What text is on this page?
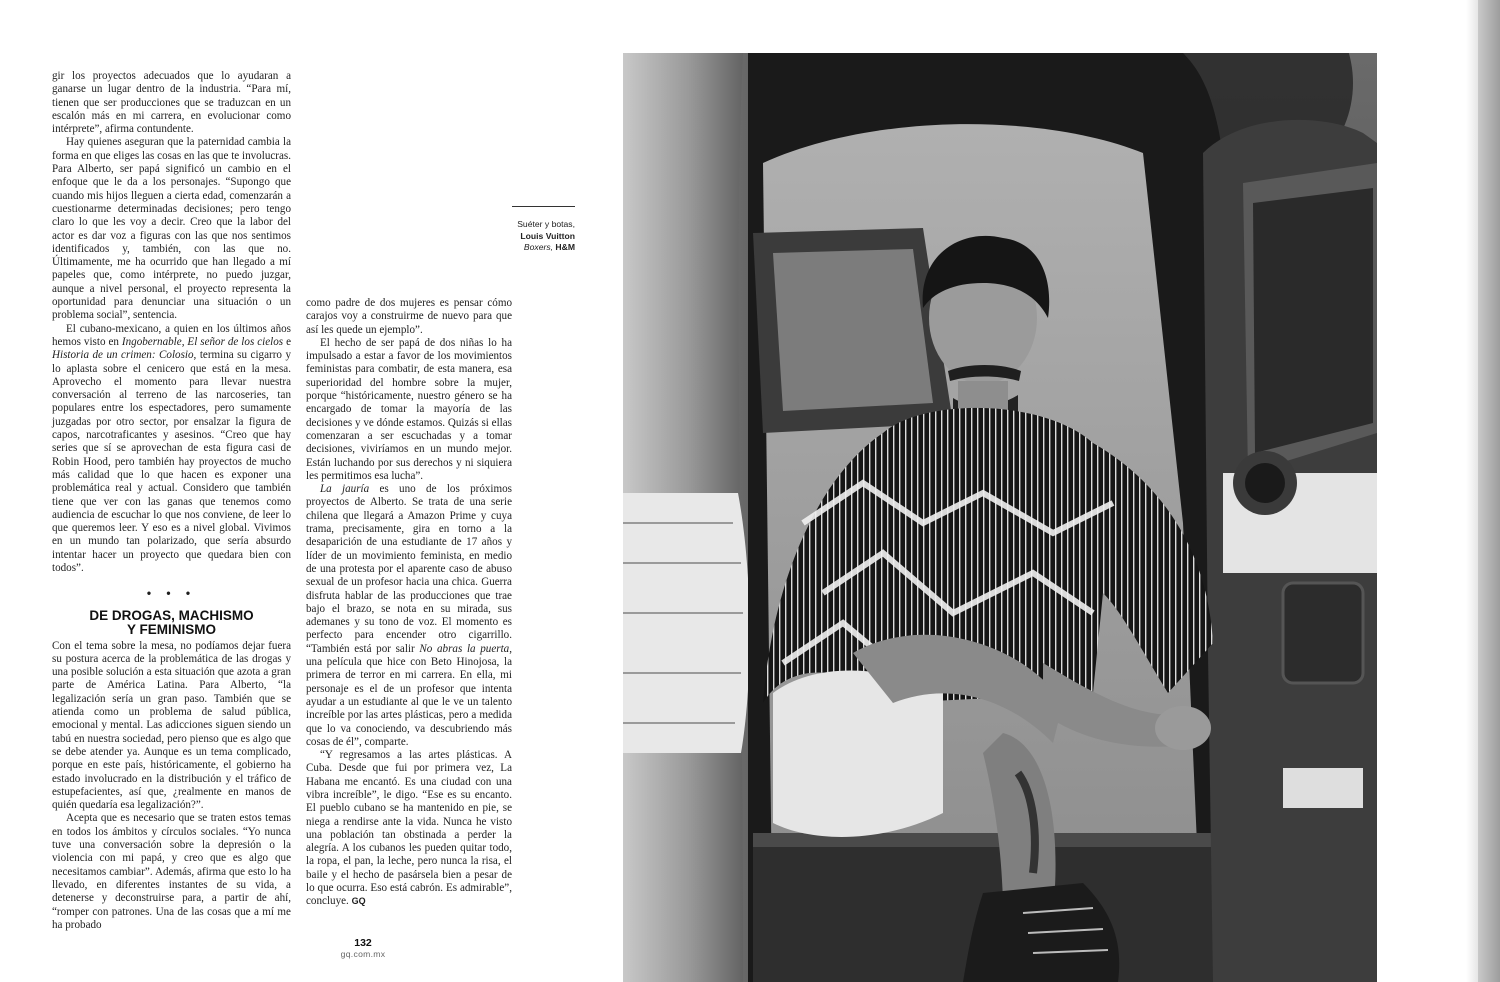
gir los proyectos adecuados que lo ayudaran a ganarse un lugar dentro de la industria. “Para mí, tienen que ser producciones que se traduzcan en un escalón más en mi carrera, en evolucionar como intérprete”, afirma contundente.

Hay quienes aseguran que la paternidad cambia la forma en que eliges las cosas en las que te involucras. Para Alberto, ser papá significó un cambio en el enfoque que le da a los personajes. “Supongo que cuando mis hijos lleguen a cierta edad, comenzarán a cuestionarme determinadas decisiones; pero tengo claro lo que les voy a decir. Creo que la labor del actor es dar voz a figuras con las que nos sentimos identificados y, también, con las que no. Últimamente, me ha ocurrido que han llegado a mí papeles que, como intérprete, no puedo juzgar, aunque a nivel personal, el proyecto representa la oportunidad para denunciar una situación o un problema social”, sentencia.

El cubano-mexicano, a quien en los últimos años hemos visto en Ingobernable, El señor de los cielos e Historia de un crimen: Colosio, termina su cigarro y lo aplasta sobre el cenicero que está en la mesa. Aprovecho el momento para llevar nuestra conversación al terreno de las narcoseries, tan populares entre los espectadores, pero sumamente juzgadas por otro sector, por ensalzar la figura de capos, narcotraficantes y asesinos. “Creo que hay series que sí se aprovechan de esta figura casi de Robin Hood, pero también hay proyectos de mucho más calidad que lo que hacen es exponer una problemática real y actual. Considero que también tiene que ver con las ganas que tenemos como audiencia de escuchar lo que nos conviene, de leer lo que queremos leer. Y eso es a nivel global. Vivimos en un mundo tan polarizado, que sería absurdo intentar hacer un proyecto que quedara bien con todos”.

• • •
DE DROGAS, MACHISMO
Y FEMINISMO

Con el tema sobre la mesa, no podíamos dejar fuera su postura acerca de la problemática de las drogas y una posible solución a esta situación que azota a gran parte de América Latina. Para Alberto, “la legalización sería un gran paso. También que se atienda como un problema de salud pública, emocional y mental. Las adicciones siguen siendo un tabú en nuestra sociedad, pero pienso que es algo que se debe atender ya. Aunque es un tema complicado, porque en este país, históricamente, el gobierno ha estado involucrado en la distribución y el tráfico de estupefacientes, así que, ¿realmente en manos de quién quedaría esa legalización?”.

Acepta que es necesario que se traten estos temas en todos los ámbitos y círculos sociales. “Yo nunca tuve una conversación sobre la depresión o la violencia con mi papá, y creo que es algo que necesitamos cambiar”. Además, afirma que esto lo ha llevado, en diferentes instantes de su vida, a detenerse y deconstruirse para, a partir de ahí, “romper con patrones. Una de las cosas que a mí me ha probado

Suéter y botas,
Louis Vuitton
Boxers, H&M

como padre de dos mujeres es pensar cómo carajos voy a construirme de nuevo para que así les quede un ejemplo”.

El hecho de ser papá de dos niñas lo ha impulsado a estar a favor de los movimientos feministas para combatir, de esta manera, esa superioridad del hombre sobre la mujer, porque “históricamente, nuestro género se ha encargado de tomar la mayoría de las decisiones y ve dónde estamos. Quizás si ellas comenzaran a ser escuchadas y a tomar decisiones, viviríamos en un mundo mejor. Están luchando por sus derechos y ni siquiera les permitimos esa lucha”.

La jauría es uno de los próximos proyectos de Alberto. Se trata de una serie chilena que llegará a Amazon Prime y cuya trama, precisamente, gira en torno a la desaparición de una estudiante de 17 años y líder de un movimiento feminista, en medio de una protesta por el aparente caso de abuso sexual de un profesor hacia una chica. Guerra disfruta hablar de las producciones que trae bajo el brazo, se nota en su mirada, sus ademanes y su tono de voz. El momento es perfecto para encender otro cigarrillo. “También está por salir No abras la puerta, una película que hice con Beto Hinojosa, la primera de terror en mi carrera. En ella, mi personaje es el de un profesor que intenta ayudar a un estudiante al que le ve un talento increíble por las artes plásticas, pero a medida que lo va conociendo, va descubriendo más cosas de él”, comparte.

“Y regresamos a las artes plásticas. A Cuba. Desde que fui por primera vez, La Habana me encantó. Es una ciudad con una vibra increíble”, le digo. “Ese es su encanto. El pueblo cubano se ha mantenido en pie, se niega a rendirse ante la vida. Nunca he visto una población tan obstinada a perder la alegría. A los cubanos les pueden quitar todo, la ropa, el pan, la leche, pero nunca la risa, el baile y el hecho de pasársela bien a pesar de lo que ocurra. Eso está cabrón. Es admirable”, concluye. GQ

132
gq.com.mx
